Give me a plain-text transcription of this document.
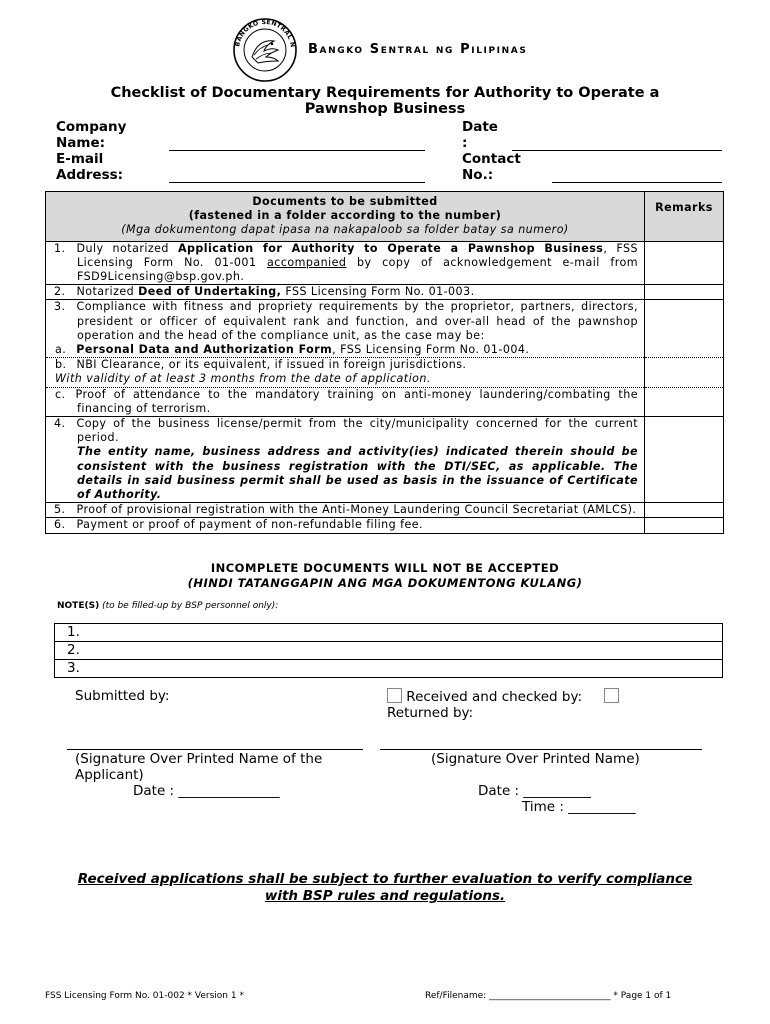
BANGKO SENTRAL N Bangko Sentral ng Pilipinas
Checklist of Documentary Requirements for Authority to Operate a
Pawnshop Business
Company
Name:
E-mail
Address:
Date
:
Contact
No.:
Documents to be submitted
(fastened in a folder according to the number)
(Mga dokumentong dapat ipasa na nakapaloob sa folder batay sa numero)	Remarks

1. Duly notarized Application for Authority to Operate a Pawnshop Business, FSS Licensing Form No. 01-001 accompanied by copy of acknowledgement e-mail from FSD9Licensing@bsp.gov.ph.	

2. Notarized Deed of Undertaking, FSS Licensing Form No. 01-003.	

3. Compliance with fitness and propriety requirements by the proprietor, partners, directors, president or officer of equivalent rank and function, and over-all head of the pawnshop operation and the head of the compliance unit, as the case may be:
a. Personal Data and Authorization Form, FSS Licensing Form No. 01-004.	

b. NBI Clearance, or its equivalent, if issued in foreign jurisdictions.
With validity of at least 3 months from the date of application.	

c. Proof of attendance to the mandatory training on anti-money laundering/combating the financing of terrorism.	

4. Copy of the business license/permit from the city/municipality concerned for the current period.
The entity name, business address and activity(ies) indicated therein should be consistent with the business registration with the DTI/SEC, as applicable. The details in said business permit shall be used as basis in the issuance of Certificate of Authority.	

5. Proof of provisional registration with the Anti-Money Laundering Council Secretariat (AMLCS).	

6. Payment or proof of payment of non-refundable filing fee.	

INCOMPLETE DOCUMENTS WILL NOT BE ACCEPTED
(HINDI TATANGGAPIN ANG MGA DOKUMENTONG KULANG)
NOTE(S) (to be filled-up by BSP personnel only):
1.
2.
3.
Submitted by:	Received and checked by:
Returned by:
(Signature Over Printed Name of the
Applicant)
Date : _______________
(Signature Over Printed Name)
Date : __________
Time : __________
Received applications shall be subject to further evaluation to verify compliance
with BSP rules and regulations.
FSS Licensing Form No. 01-002 * Version 1 *	Ref/Filename: ___________________________ * Page 1 of 1
